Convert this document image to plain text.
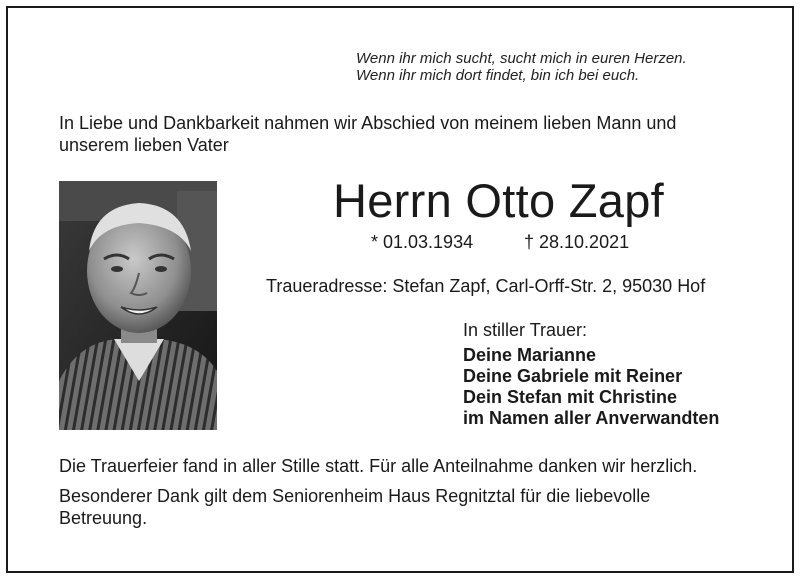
Wenn ihr mich sucht, sucht mich in euren Herzen.
Wenn ihr mich dort findet, bin ich bei euch.
In Liebe und Dankbarkeit nahmen wir Abschied von meinem lieben Mann und
unserem lieben Vater
Herrn Otto Zapf
* 01.03.1934	† 28.10.2021
Traueradresse: Stefan Zapf, Carl-Orff-Str. 2, 95030 Hof
In stiller Trauer:
Deine Marianne
Deine Gabriele mit Reiner
Dein Stefan mit Christine
im Namen aller Anverwandten
Die Trauerfeier fand in aller Stille statt. Für alle Anteilnahme danken wir herzlich.
Besonderer Dank gilt dem Seniorenheim Haus Regnitztal für die liebevolle
Betreuung.
